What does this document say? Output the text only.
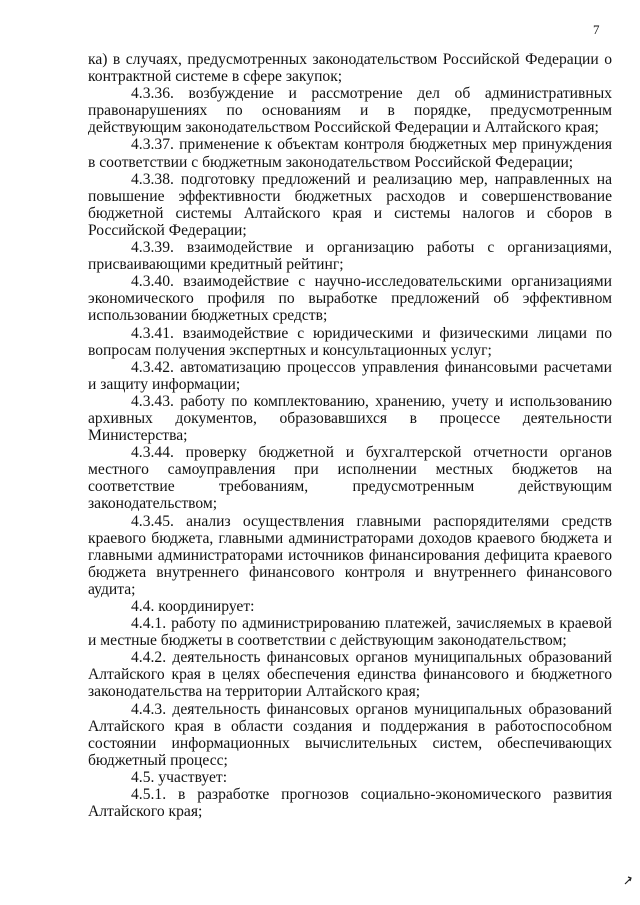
7

ка) в случаях, предусмотренных законодательством Российской Федерации о контрактной системе в сфере закупок;

4.3.36. возбуждение и рассмотрение дел об административных правонарушениях по основаниям и в порядке, предусмотренным действующим законодательством Российской Федерации и Алтайского края;

4.3.37. применение к объектам контроля бюджетных мер принуждения в соответствии с бюджетным законодательством Российской Федерации;

4.3.38. подготовку предложений и реализацию мер, направленных на повышение эффективности бюджетных расходов и совершенствование бюджетной системы Алтайского края и системы налогов и сборов в Российской Федерации;

4.3.39. взаимодействие и организацию работы с организациями, присваивающими кредитный рейтинг;

4.3.40. взаимодействие с научно-исследовательскими организациями экономического профиля по выработке предложений об эффективном использовании бюджетных средств;

4.3.41. взаимодействие с юридическими и физическими лицами по вопросам получения экспертных и консультационных услуг;

4.3.42. автоматизацию процессов управления финансовыми расчетами и защиту информации;

4.3.43. работу по комплектованию, хранению, учету и использованию архивных документов, образовавшихся в процессе деятельности Министерства;

4.3.44. проверку бюджетной и бухгалтерской отчетности органов местного самоуправления при исполнении местных бюджетов на соответствие требованиям, предусмотренным действующим законодательством;

4.3.45. анализ осуществления главными распорядителями средств краевого бюджета, главными администраторами доходов краевого бюджета и главными администраторами источников финансирования дефицита краевого бюджета внутреннего финансового контроля и внутреннего финансового аудита;

4.4. координирует:

4.4.1. работу по администрированию платежей, зачисляемых в краевой и местные бюджеты в соответствии с действующим законодательством;

4.4.2. деятельность финансовых органов муниципальных образований Алтайского края в целях обеспечения единства финансового и бюджетного законодательства на территории Алтайского края;

4.4.3. деятельность финансовых органов муниципальных образований Алтайского края в области создания и поддержания в работоспособном состоянии информационных вычислительных систем, обеспечивающих бюджетный процесс;

4.5. участвует:

4.5.1. в разработке прогнозов социально-экономического развития Алтайского края;
